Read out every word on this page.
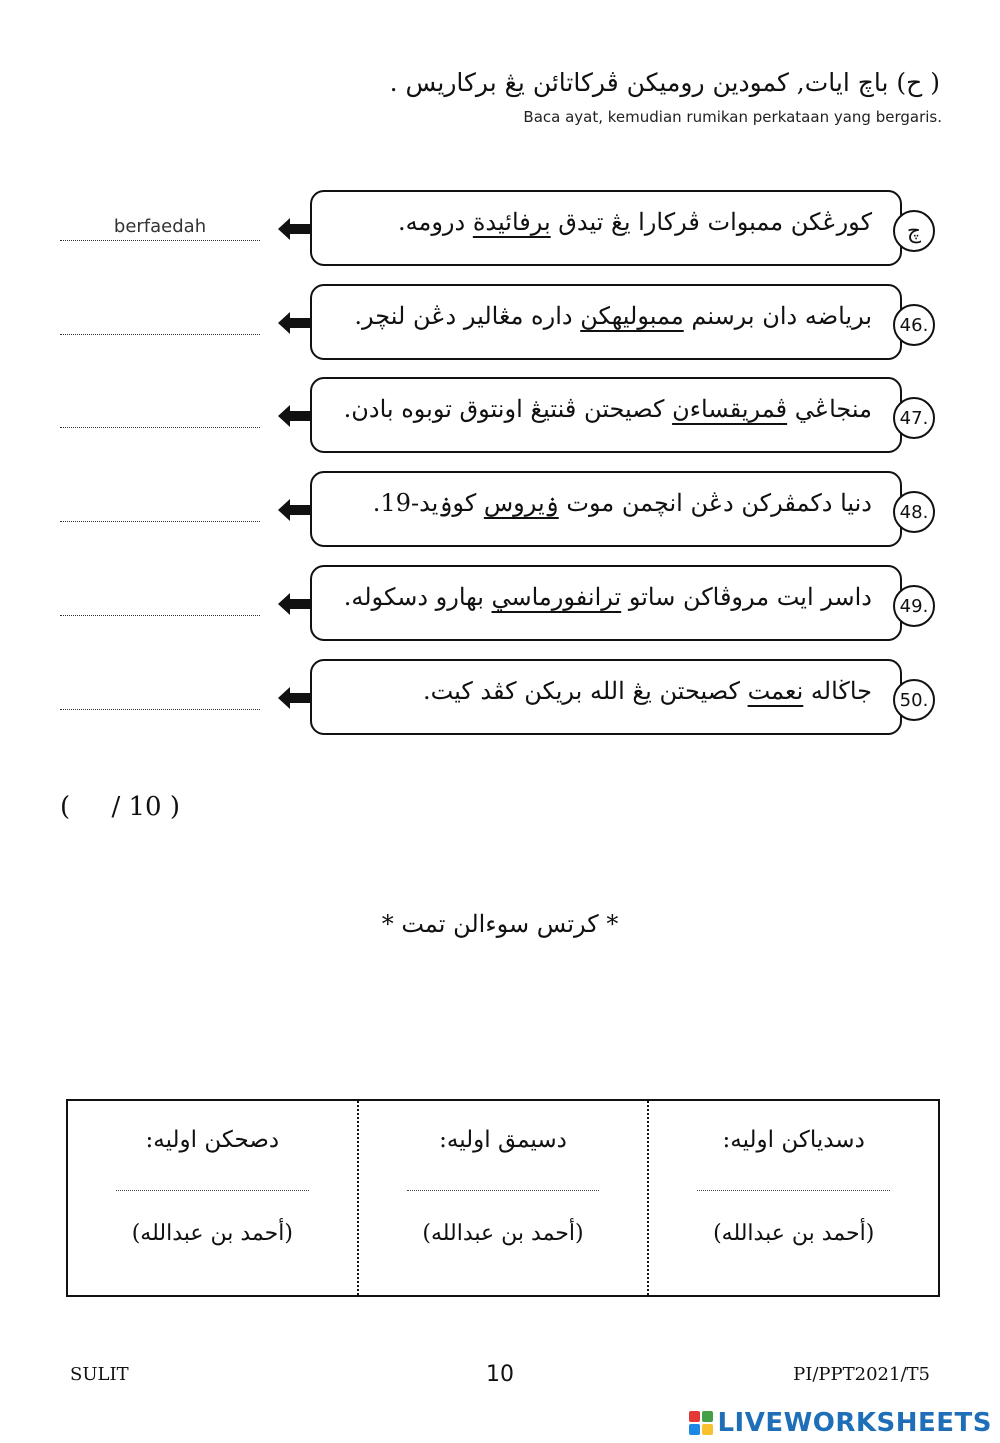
( ح) باچ ايات, كمودين روميكن ڤركاتائن يڠ بركاريس .
Baca ayat, kemudian rumikan perkataan yang bergaris.
berfaedah
كورڠكن ممبوات ڤركارا يڠ تيدق برفائيدة درومه.	چ
برياضه دان برسنم ممبوليهكن داره مڠالير دڠن لنچر.	46.
منجاڠي ڤمريقساءن كصيحتن ڤنتيڠ اونتوق توبوه بادن.	47.
دنيا دكمڤركن دڠن انچمن موت ۏيروس كوۏيد-19.	48.
داسر ايت مروڤاكن ساتو ترانفورماسي بهارو دسكوله.	49.
جاڬاله نعمت كصيحتن يڠ الله بريكن كڤد كيت.	50.
(     / 10 )
* كرتس سوءالن تمت *
دصحكن اوليه:
(أحمد بن عبدالله)
دسيمق اوليه:
(أحمد بن عبدالله)
دسدياكن اوليه:
(أحمد بن عبدالله)
SULIT	10	PI/PPT2021/T5
LIVEWORKSHEETS
